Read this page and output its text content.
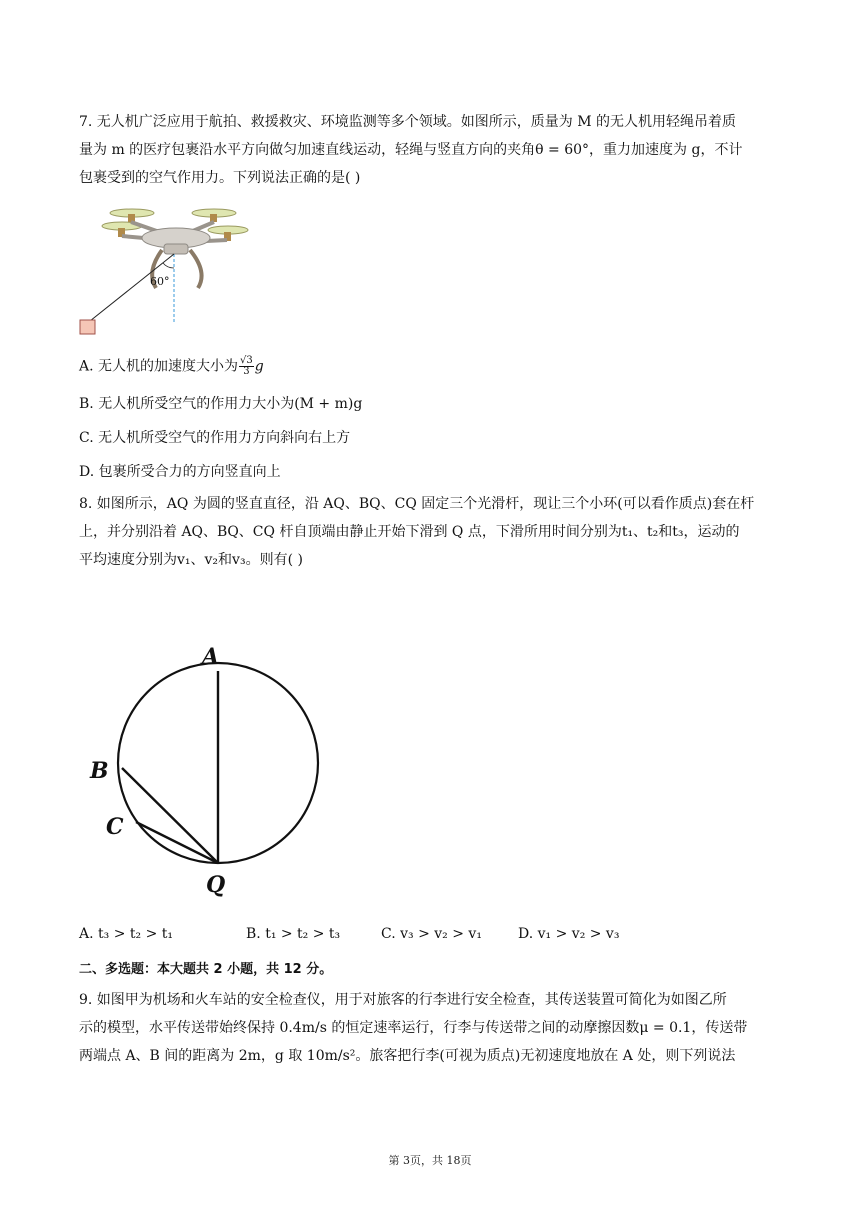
7. 无人机广泛应用于航拍、救援救灾、环境监测等多个领域。如图所示，质量为 M 的无人机用轻绳吊着质
量为 m 的医疗包裹沿水平方向做匀加速直线运动，轻绳与竖直方向的夹角θ = 60°，重力加速度为 g，不计
包裹受到的空气作用力。下列说法正确的是( )
60°

A. 无人机的加速度大小为 $\frac{√3}{3}$ g

B. 无人机所受空气的作用力大小为(M + m)g

C. 无人机所受空气的作用力方向斜向右上方

D. 包裹所受合力的方向竖直向上

8. 如图所示，AQ 为圆的竖直直径，沿 AQ、BQ、CQ 固定三个光滑杆，现让三个小环(可以看作质点)套在杆
上，并分别沿着 AQ、BQ、CQ 杆自顶端由静止开始下滑到 Q 点，下滑所用时间分别为t₁、t₂和t₃，运动的
平均速度分别为v₁、v₂和v₃。则有( )
A
B
C
Q

A. t₃ > t₂ > t₁	B. t₁ > t₂ > t₃	C. v₃ > v₂ > v₁	D. v₁ > v₂ > v₃

二、多选题：本大题共 2 小题，共 12 分。

9. 如图甲为机场和火车站的安全检查仪，用于对旅客的行李进行安全检查，其传送装置可简化为如图乙所
示的模型，水平传送带始终保持 0.4m/s 的恒定速率运行，行李与传送带之间的动摩擦因数μ = 0.1，传送带
两端点 A、B 间的距离为 2m，g 取 10m/s²。旅客把行李(可视为质点)无初速度地放在 A 处，则下列说法
第 3页，共 18页
